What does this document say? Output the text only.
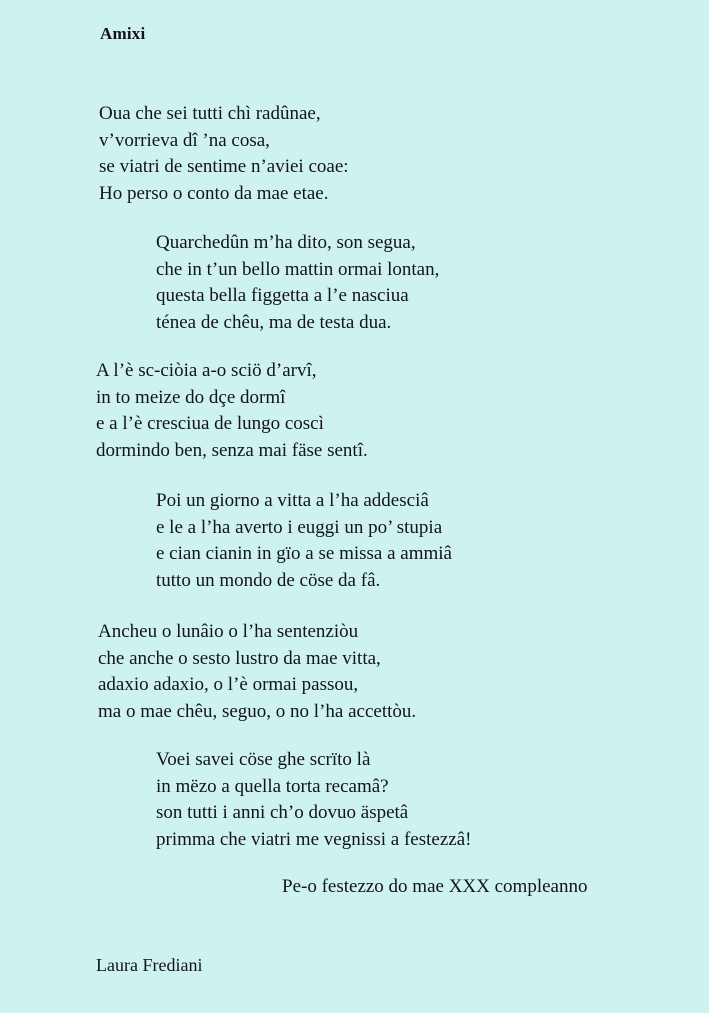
Amixi
Oua che sei tutti chì radûnae,
v’vorrieva dî ’na cosa,
se viatri de sentime n’aviei coae:
Ho perso o conto da mae etae.
Quarchedûn m’ha dito, son segua,
che in t’un bello mattin ormai lontan,
questa bella figgetta a l’e nasciua
ténea de chêu, ma de testa dua.
A l’è sc-ciòia a-o sciö d’arvî,
in to meize do dçe dormî
e a l’è cresciua de lungo coscì
dormindo ben, senza mai fäse sentî.
Poi un giorno a vitta a l’ha addesciâ
e le a l’ha averto i euggi un po’ stupia
e cian cianin in gïo a se missa a ammiâ
tutto un mondo de cöse da fâ.
Ancheu o lunâio o l’ha sentenziòu
che anche o sesto lustro da mae vitta,
adaxio adaxio, o l’è ormai passou,
ma o mae chêu, seguo, o no l’ha accettòu.
Voei savei cöse ghe scrïto là
in mëzo a quella torta recamâ?
son tutti i anni ch’o dovuo äspetâ
primma che viatri me vegnissi a festezzâ!
Pe-o festezzo do mae XXX compleanno
Laura Frediani
